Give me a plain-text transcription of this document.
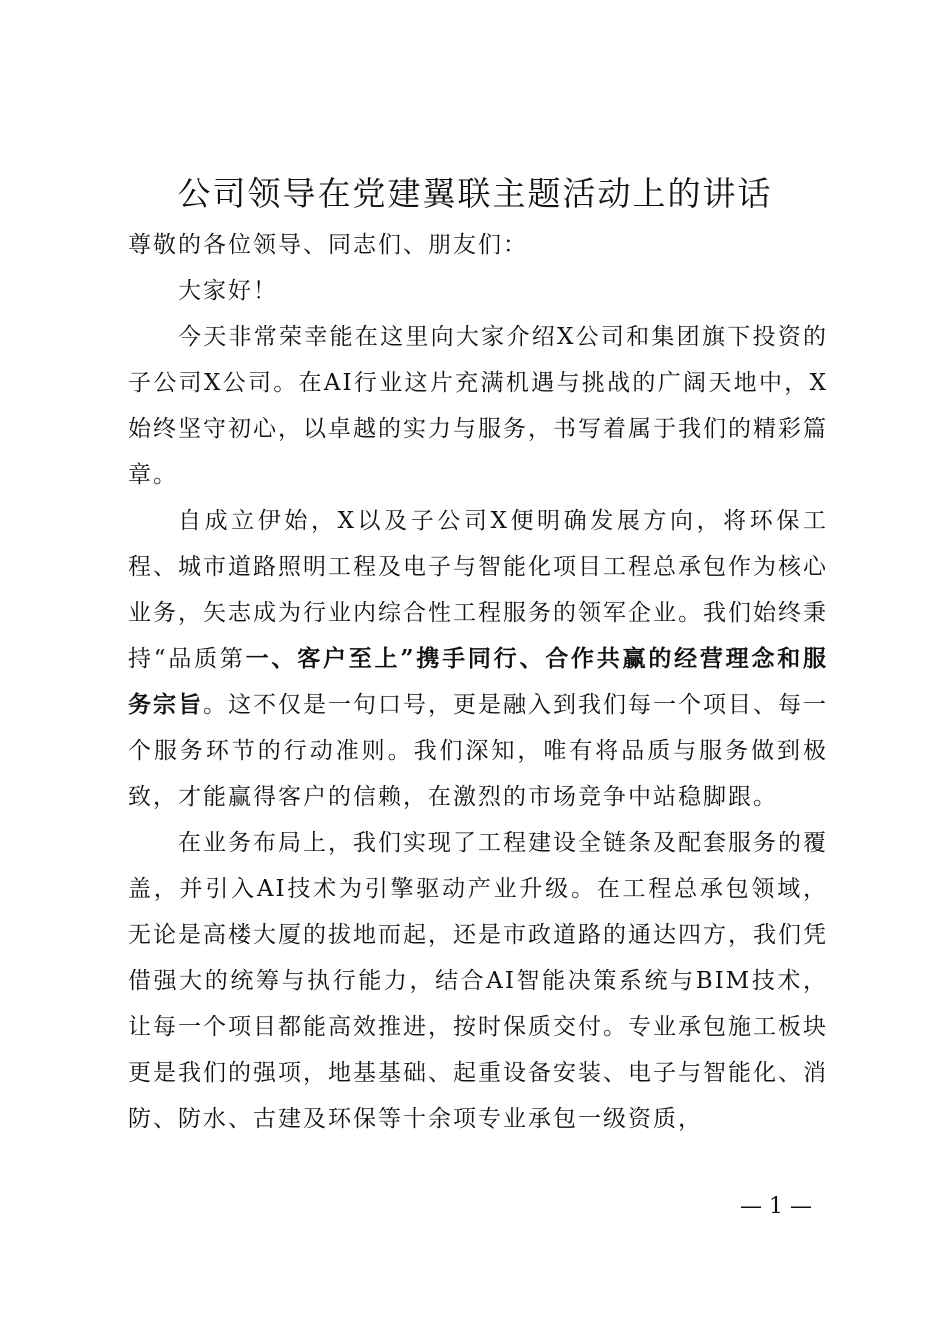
公司领导在党建翼联主题活动上的讲话

尊敬的各位领导、同志们、朋友们：

大家好！

今天非常荣幸能在这里向大家介绍X公司和集团旗下投资的子公司X公司。在AI行业这片充满机遇与挑战的广阔天地中，X始终坚守初心，以卓越的实力与服务，书写着属于我们的精彩篇章。

自成立伊始，X以及子公司X便明确发展方向，将环保工程、城市道路照明工程及电子与智能化项目工程总承包作为核心业务，矢志成为行业内综合性工程服务的领军企业。我们始终秉持“品质第一、客户至上”携手同行、合作共赢的经营理念和服务宗旨。这不仅是一句口号，更是融入到我们每一个项目、每一个服务环节的行动准则。我们深知，唯有将品质与服务做到极致，才能赢得客户的信赖，在激烈的市场竞争中站稳脚跟。

在业务布局上，我们实现了工程建设全链条及配套服务的覆盖，并引入AI技术为引擎驱动产业升级。在工程总承包领域，无论是高楼大厦的拔地而起，还是市政道路的通达四方，我们凭借强大的统筹与执行能力，结合AI智能决策系统与BIM技术，让每一个项目都能高效推进，按时保质交付。专业承包施工板块更是我们的强项，地基基础、起重设备安装、电子与智能化、消防、防水、古建及环保等十余项专业承包一级资质，

— 1 —
